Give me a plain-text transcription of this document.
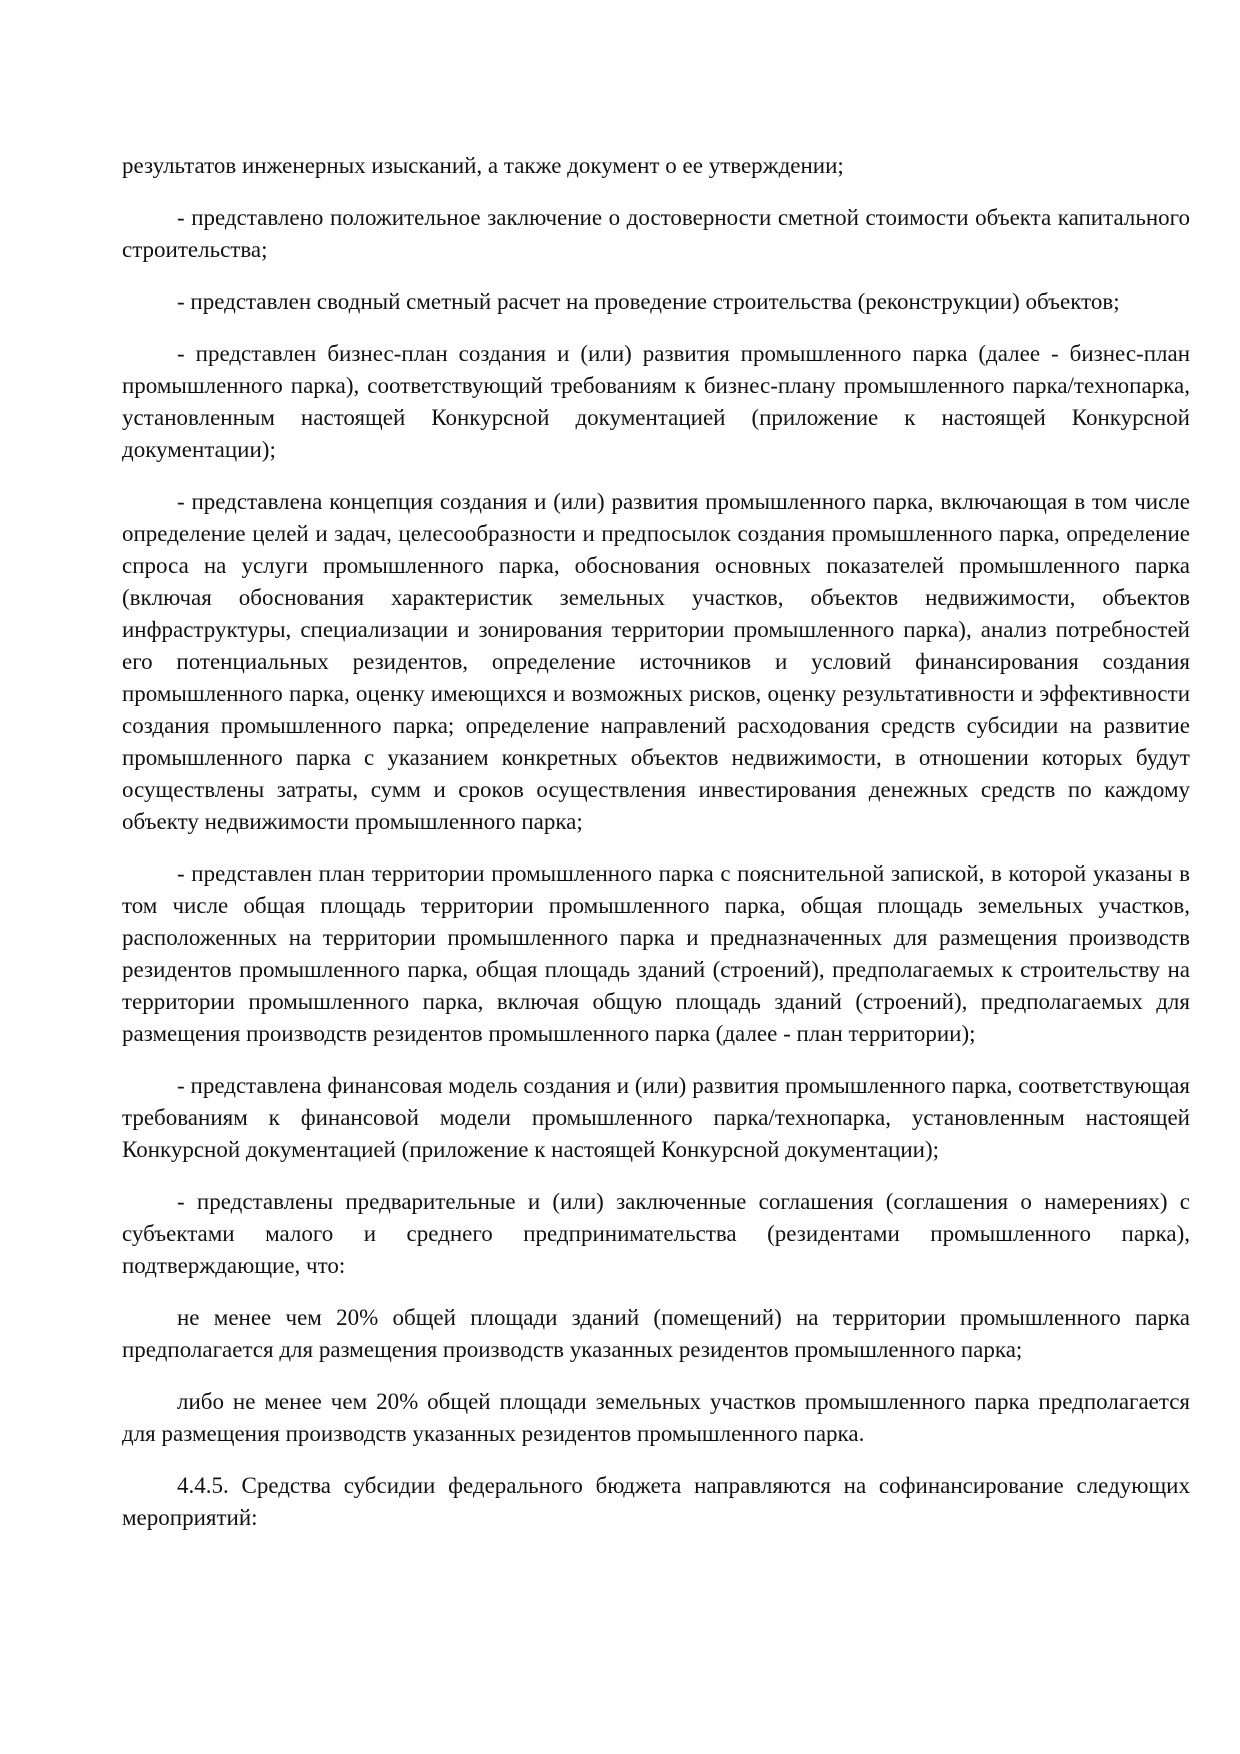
результатов инженерных изысканий, а также документ о ее утверждении;

- представлено положительное заключение о достоверности сметной стоимости объекта капитального строительства;

- представлен сводный сметный расчет на проведение строительства (реконструкции) объектов;

- представлен бизнес-план создания и (или) развития промышленного парка (далее - бизнес-план промышленного парка), соответствующий требованиям к бизнес-плану промышленного парка/технопарка, установленным настоящей Конкурсной документацией (приложение к настоящей Конкурсной документации);

- представлена концепция создания и (или) развития промышленного парка, включающая в том числе определение целей и задач, целесообразности и предпосылок создания промышленного парка, определение спроса на услуги промышленного парка, обоснования основных показателей промышленного парка (включая обоснования характеристик земельных участков, объектов недвижимости, объектов инфраструктуры, специализации и зонирования территории промышленного парка), анализ потребностей его потенциальных резидентов, определение источников и условий финансирования создания промышленного парка, оценку имеющихся и возможных рисков, оценку результативности и эффективности создания промышленного парка; определение направлений расходования средств субсидии на развитие промышленного парка с указанием конкретных объектов недвижимости, в отношении которых будут осуществлены затраты, сумм и сроков осуществления инвестирования денежных средств по каждому объекту недвижимости промышленного парка;

- представлен план территории промышленного парка с пояснительной запиской, в которой указаны в том числе общая площадь территории промышленного парка, общая площадь земельных участков, расположенных на территории промышленного парка и предназначенных для размещения производств резидентов промышленного парка, общая площадь зданий (строений), предполагаемых к строительству на территории промышленного парка, включая общую площадь зданий (строений), предполагаемых для размещения производств резидентов промышленного парка (далее - план территории);

- представлена финансовая модель создания и (или) развития промышленного парка, соответствующая требованиям к финансовой модели промышленного парка/технопарка, установленным настоящей Конкурсной документацией (приложение к настоящей Конкурсной документации);

- представлены предварительные и (или) заключенные соглашения (соглашения о намерениях) с субъектами малого и среднего предпринимательства (резидентами промышленного парка), подтверждающие, что:

не менее чем 20% общей площади зданий (помещений) на территории промышленного парка предполагается для размещения производств указанных резидентов промышленного парка;

либо не менее чем 20% общей площади земельных участков промышленного парка предполагается для размещения производств указанных резидентов промышленного парка.

4.4.5. Средства субсидии федерального бюджета направляются на софинансирование следующих мероприятий:
